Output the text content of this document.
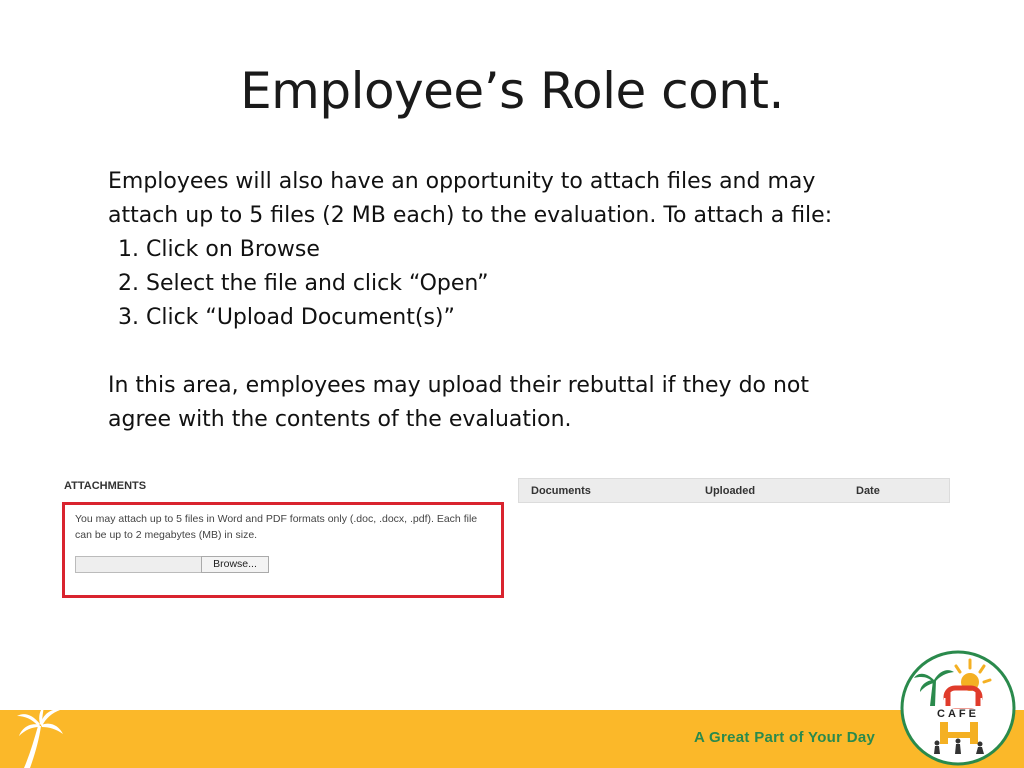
Employee’s Role cont.

Employees will also have an opportunity to attach files and may

attach up to 5 files (2 MB each) to the evaluation. To attach a file:

1. Click on Browse
2. Select the file and click “Open”
3. Click “Upload Document(s)”

In this area, employees may upload their rebuttal if they do not

agree with the contents of the evaluation.

ATTACHMENTS
You may attach up to 5 files in Word and PDF formats only (.doc, .docx, .pdf). Each file
can be up to 2 megabytes (MB) in size.
Browse...
Documents	Uploaded	Date
A Great Part of Your Day
CAFE
